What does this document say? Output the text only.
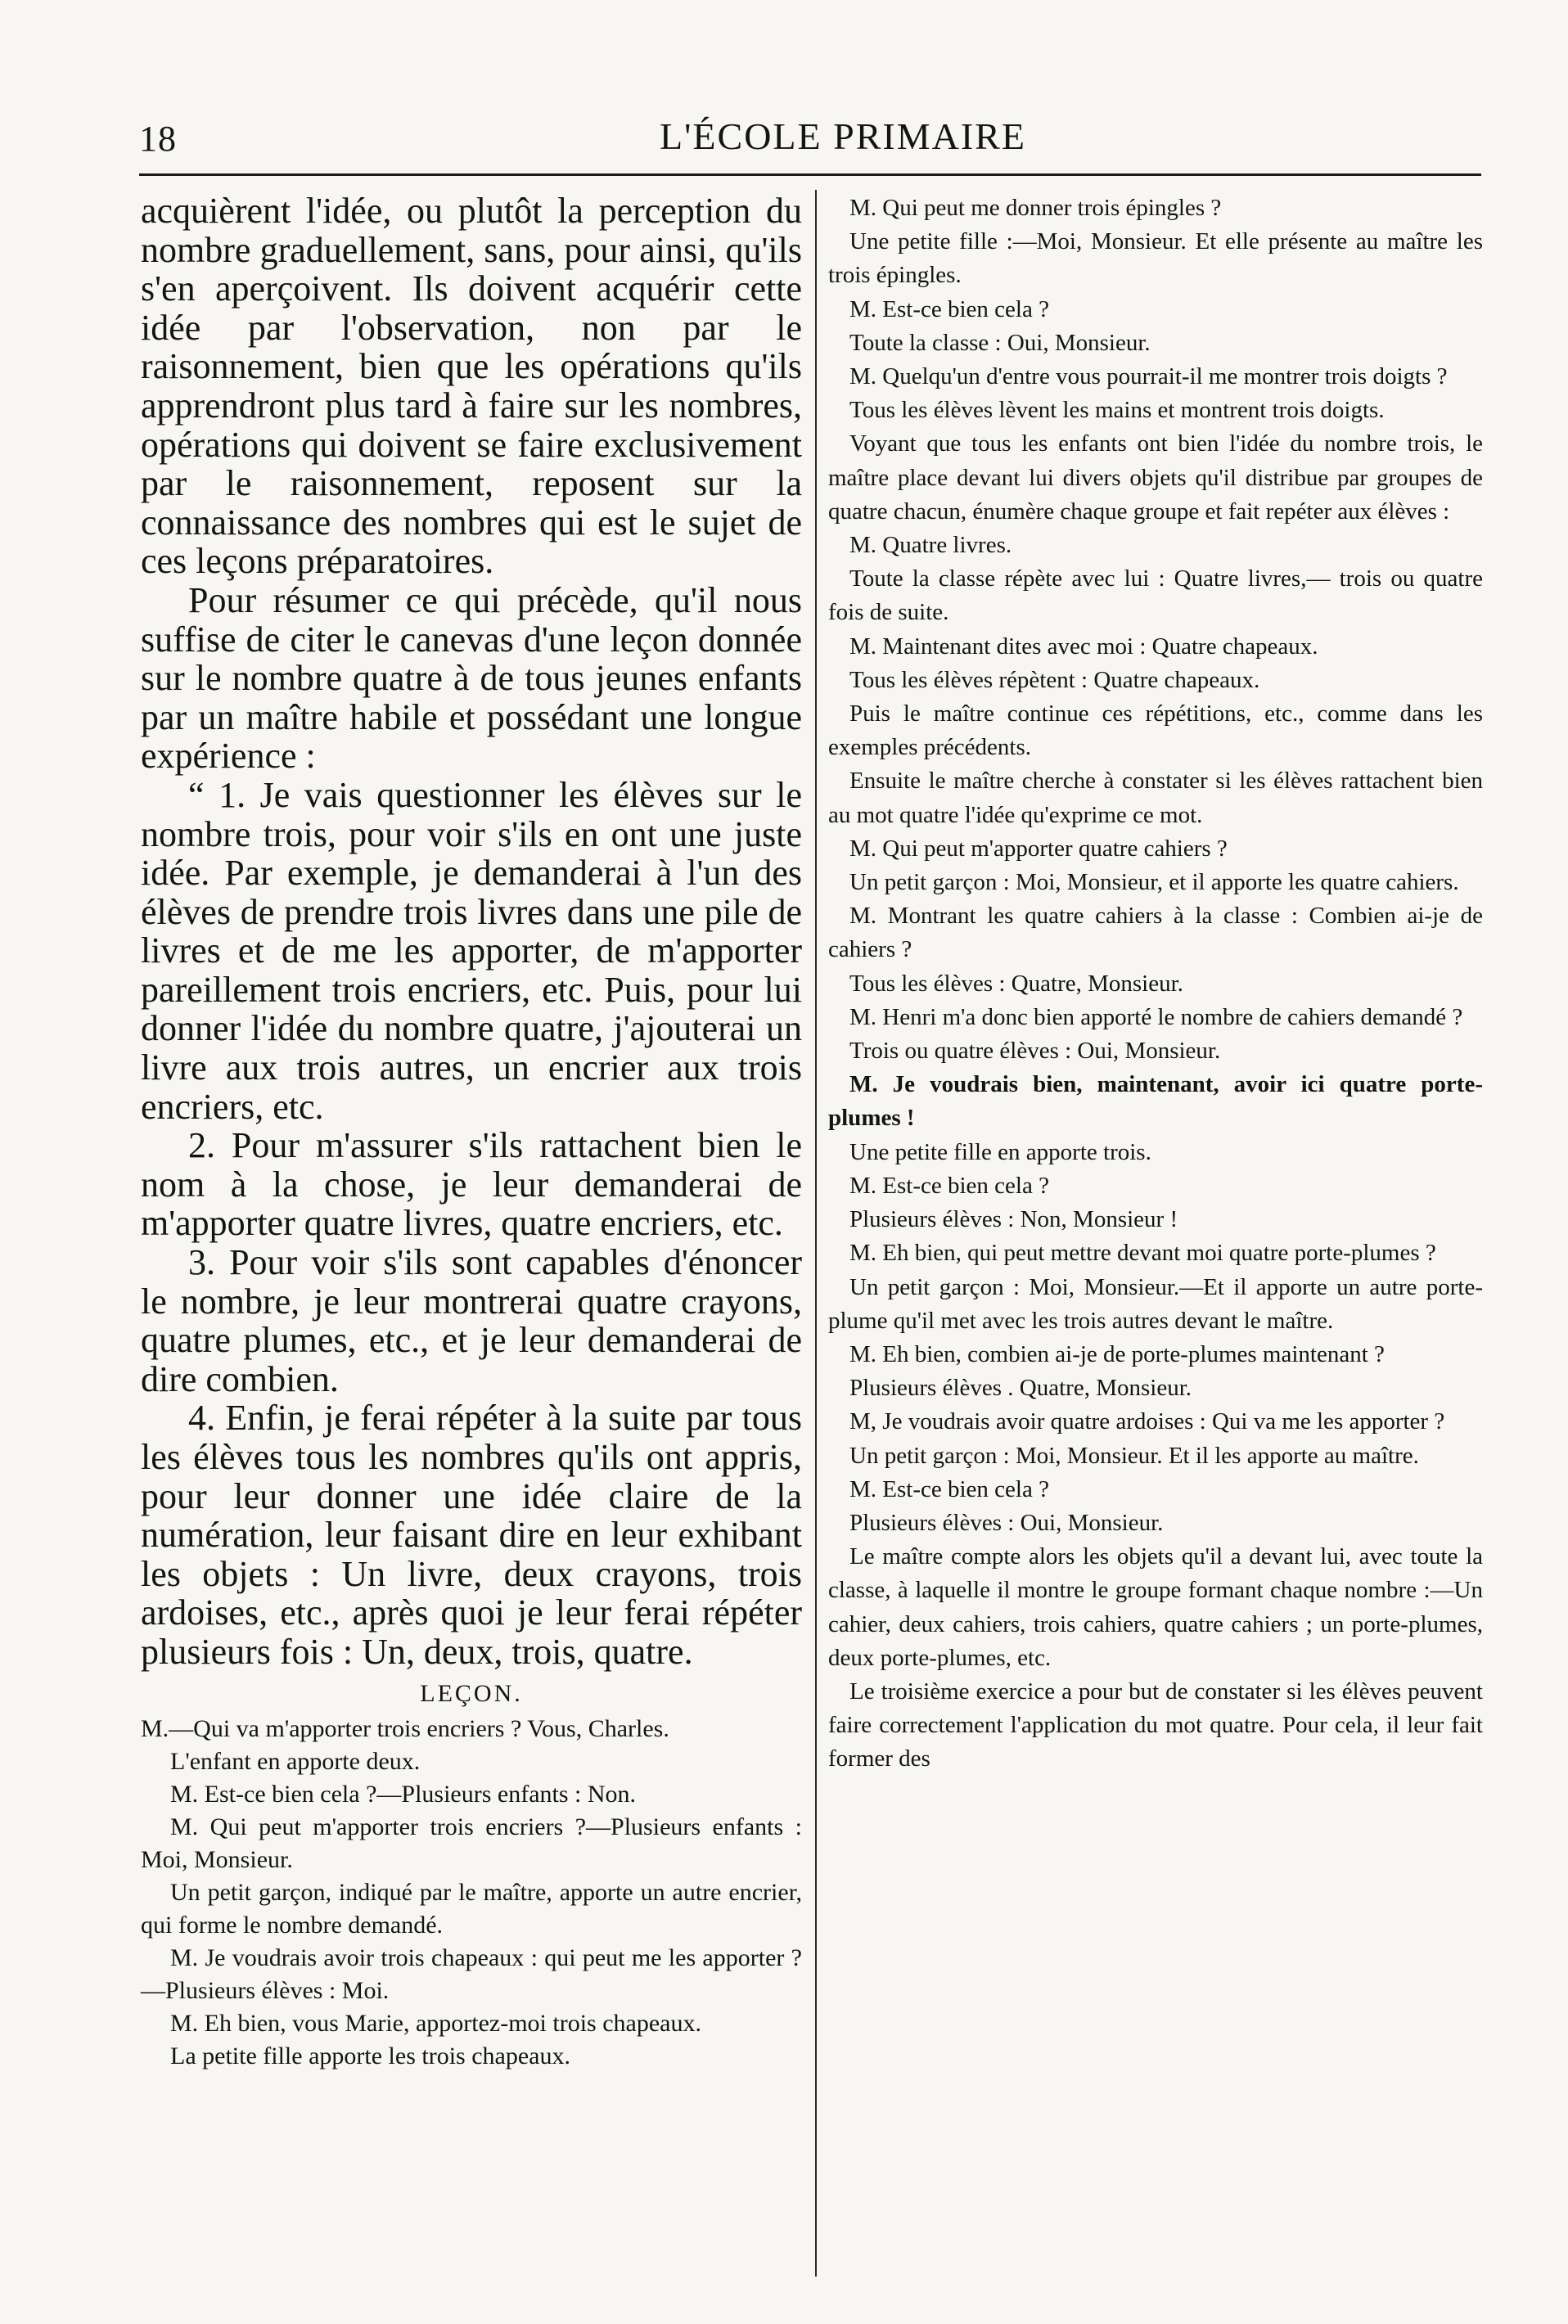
18	L'ÉCOLE PRIMAIRE

acquièrent l'idée, ou plutôt la perception du nombre graduellement, sans, pour ainsi, qu'ils s'en aperçoivent. Ils doivent acquérir cette idée par l'observation, non par le raisonnement, bien que les opérations qu'ils apprendront plus tard à faire sur les nombres, opérations qui doivent se faire exclusivement par le raisonnement, reposent sur la connaissance des nombres qui est le sujet de ces leçons préparatoires.

Pour résumer ce qui précède, qu'il nous suffise de citer le canevas d'une leçon donnée sur le nombre quatre à de tous jeunes enfants par un maître habile et possédant une longue expérience :

“ 1. Je vais questionner les élèves sur le nombre trois, pour voir s'ils en ont une juste idée. Par exemple, je demanderai à l'un des élèves de prendre trois livres dans une pile de livres et de me les apporter, de m'apporter pareillement trois encriers, etc. Puis, pour lui donner l'idée du nombre quatre, j'ajouterai un livre aux trois autres, un encrier aux trois encriers, etc.

2. Pour m'assurer s'ils rattachent bien le nom à la chose, je leur demanderai de m'apporter quatre livres, quatre encriers, etc.

3. Pour voir s'ils sont capables d'énoncer le nombre, je leur montrerai quatre crayons, quatre plumes, etc., et je leur demanderai de dire combien.

4. Enfin, je ferai répéter à la suite par tous les élèves tous les nombres qu'ils ont appris, pour leur donner une idée claire de la numération, leur faisant dire en leur exhibant les objets : Un livre, deux crayons, trois ardoises, etc., après quoi je leur ferai répéter plusieurs fois : Un, deux, trois, quatre.

LEÇON.

M.—Qui va m'apporter trois encriers ? Vous, Charles.

L'enfant en apporte deux.

M. Est-ce bien cela ?—Plusieurs enfants : Non.

M. Qui peut m'apporter trois encriers ?—Plusieurs enfants : Moi, Monsieur.

Un petit garçon, indiqué par le maître, apporte un autre encrier, qui forme le nombre demandé.

M. Je voudrais avoir trois chapeaux : qui peut me les apporter ?—Plusieurs élèves : Moi.

M. Eh bien, vous Marie, apportez-moi trois chapeaux.

La petite fille apporte les trois chapeaux.

M. Qui peut me donner trois épingles ?

Une petite fille :—Moi, Monsieur. Et elle présente au maître les trois épingles.

M. Est-ce bien cela ?

Toute la classe : Oui, Monsieur.

M. Quelqu'un d'entre vous pourrait-il me montrer trois doigts ?

Tous les élèves lèvent les mains et montrent trois doigts.

Voyant que tous les enfants ont bien l'idée du nombre trois, le maître place devant lui divers objets qu'il distribue par groupes de quatre chacun, énumère chaque groupe et fait repéter aux élèves :

M. Quatre livres.

Toute la classe répète avec lui : Quatre livres,— trois ou quatre fois de suite.

M. Maintenant dites avec moi : Quatre chapeaux.

Tous les élèves répètent : Quatre chapeaux.

Puis le maître continue ces répétitions, etc., comme dans les exemples précédents.

Ensuite le maître cherche à constater si les élèves rattachent bien au mot quatre l'idée qu'exprime ce mot.

M. Qui peut m'apporter quatre cahiers ?

Un petit garçon : Moi, Monsieur, et il apporte les quatre cahiers.

M. Montrant les quatre cahiers à la classe : Combien ai-je de cahiers ?

Tous les élèves : Quatre, Monsieur.

M. Henri m'a donc bien apporté le nombre de cahiers demandé ?

Trois ou quatre élèves : Oui, Monsieur.

M. Je voudrais bien, maintenant, avoir ici quatre porte-plumes !

Une petite fille en apporte trois.

M. Est-ce bien cela ?

Plusieurs élèves : Non, Monsieur !

M. Eh bien, qui peut mettre devant moi quatre porte-plumes ?

Un petit garçon : Moi, Monsieur.—Et il apporte un autre porte-plume qu'il met avec les trois autres devant le maître.

M. Eh bien, combien ai-je de porte-plumes maintenant ?

Plusieurs élèves . Quatre, Monsieur.

M, Je voudrais avoir quatre ardoises : Qui va me les apporter ?

Un petit garçon : Moi, Monsieur. Et il les apporte au maître.

M. Est-ce bien cela ?

Plusieurs élèves : Oui, Monsieur.

Le maître compte alors les objets qu'il a devant lui, avec toute la classe, à laquelle il montre le groupe formant chaque nombre :—Un cahier, deux cahiers, trois cahiers, quatre cahiers ; un porte-plumes, deux porte-plumes, etc.

Le troisième exercice a pour but de constater si les élèves peuvent faire correctement l'application du mot quatre. Pour cela, il leur fait former des
